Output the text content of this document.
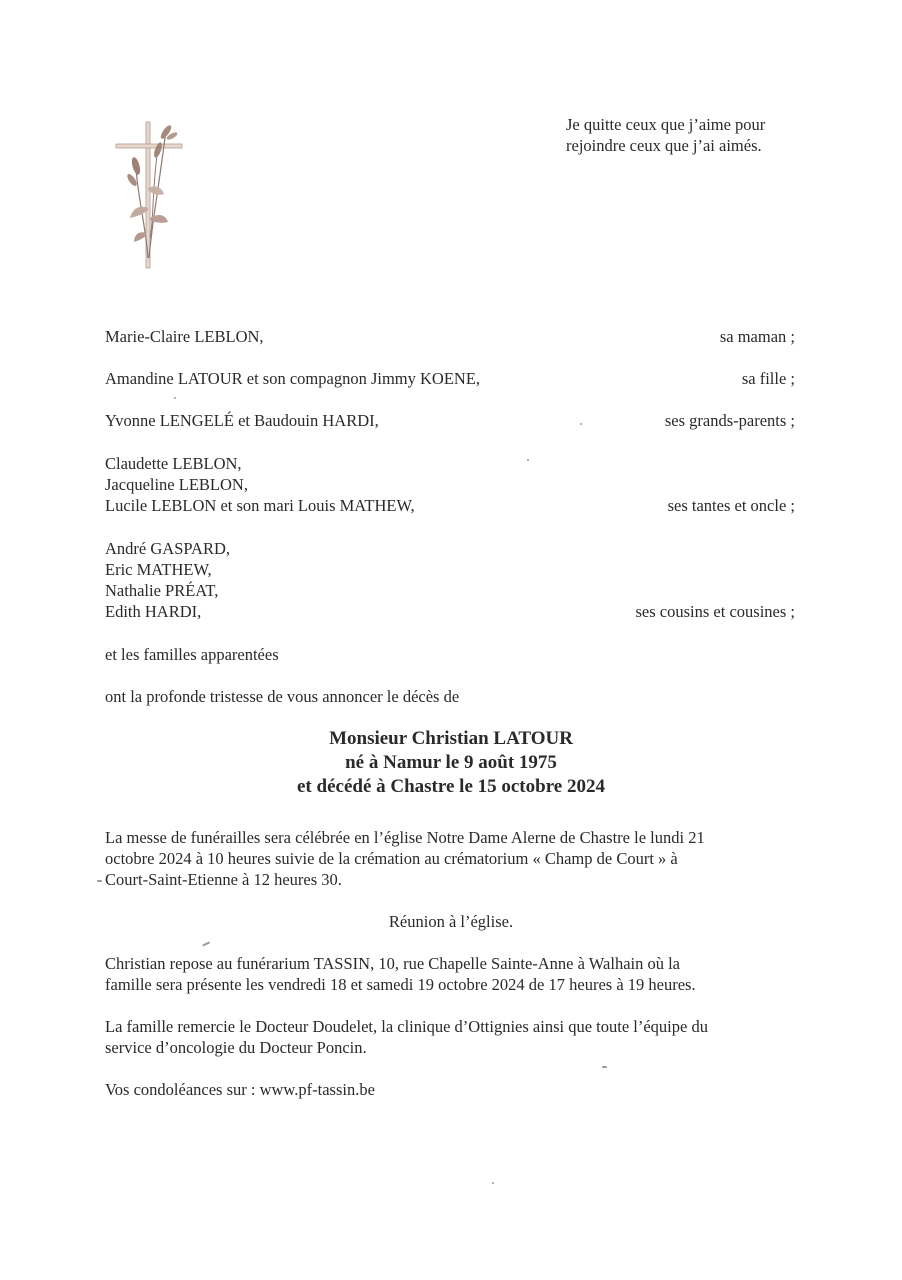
Je quitte ceux que j’aime pour
rejoindre ceux que j’ai aimés.
Marie-Claire LEBLON,	sa maman ;
Amandine LATOUR et son compagnon Jimmy KOENE,	sa fille ;
Yvonne LENGELÉ et Baudouin HARDI,	ses grands-parents ;
Claudette LEBLON,
Jacqueline LEBLON,
Lucile LEBLON et son mari Louis MATHEW,	ses tantes et oncle ;
André GASPARD,
Eric MATHEW,
Nathalie PRÉAT,
Edith HARDI,	ses cousins et cousines ;
et les familles apparentées
ont la profonde tristesse de vous annoncer le décès de
Monsieur Christian LATOUR
né à Namur le 9 août 1975
et décédé à Chastre le 15 octobre 2024
La messe de funérailles sera célébrée en l’église Notre Dame Alerne de Chastre le lundi 21
octobre 2024 à 10 heures suivie de la crémation au crématorium « Champ de Court » à
Court-Saint-Etienne à 12 heures 30.
Réunion à l’église.
Christian repose au funérarium TASSIN, 10, rue Chapelle Sainte-Anne à Walhain où la
famille sera présente les vendredi 18 et samedi 19 octobre 2024 de 17 heures à 19 heures.
La famille remercie le Docteur Doudelet, la clinique d’Ottignies ainsi que toute l’équipe du
service d’oncologie du Docteur Poncin.
Vos condoléances sur : www.pf-tassin.be
